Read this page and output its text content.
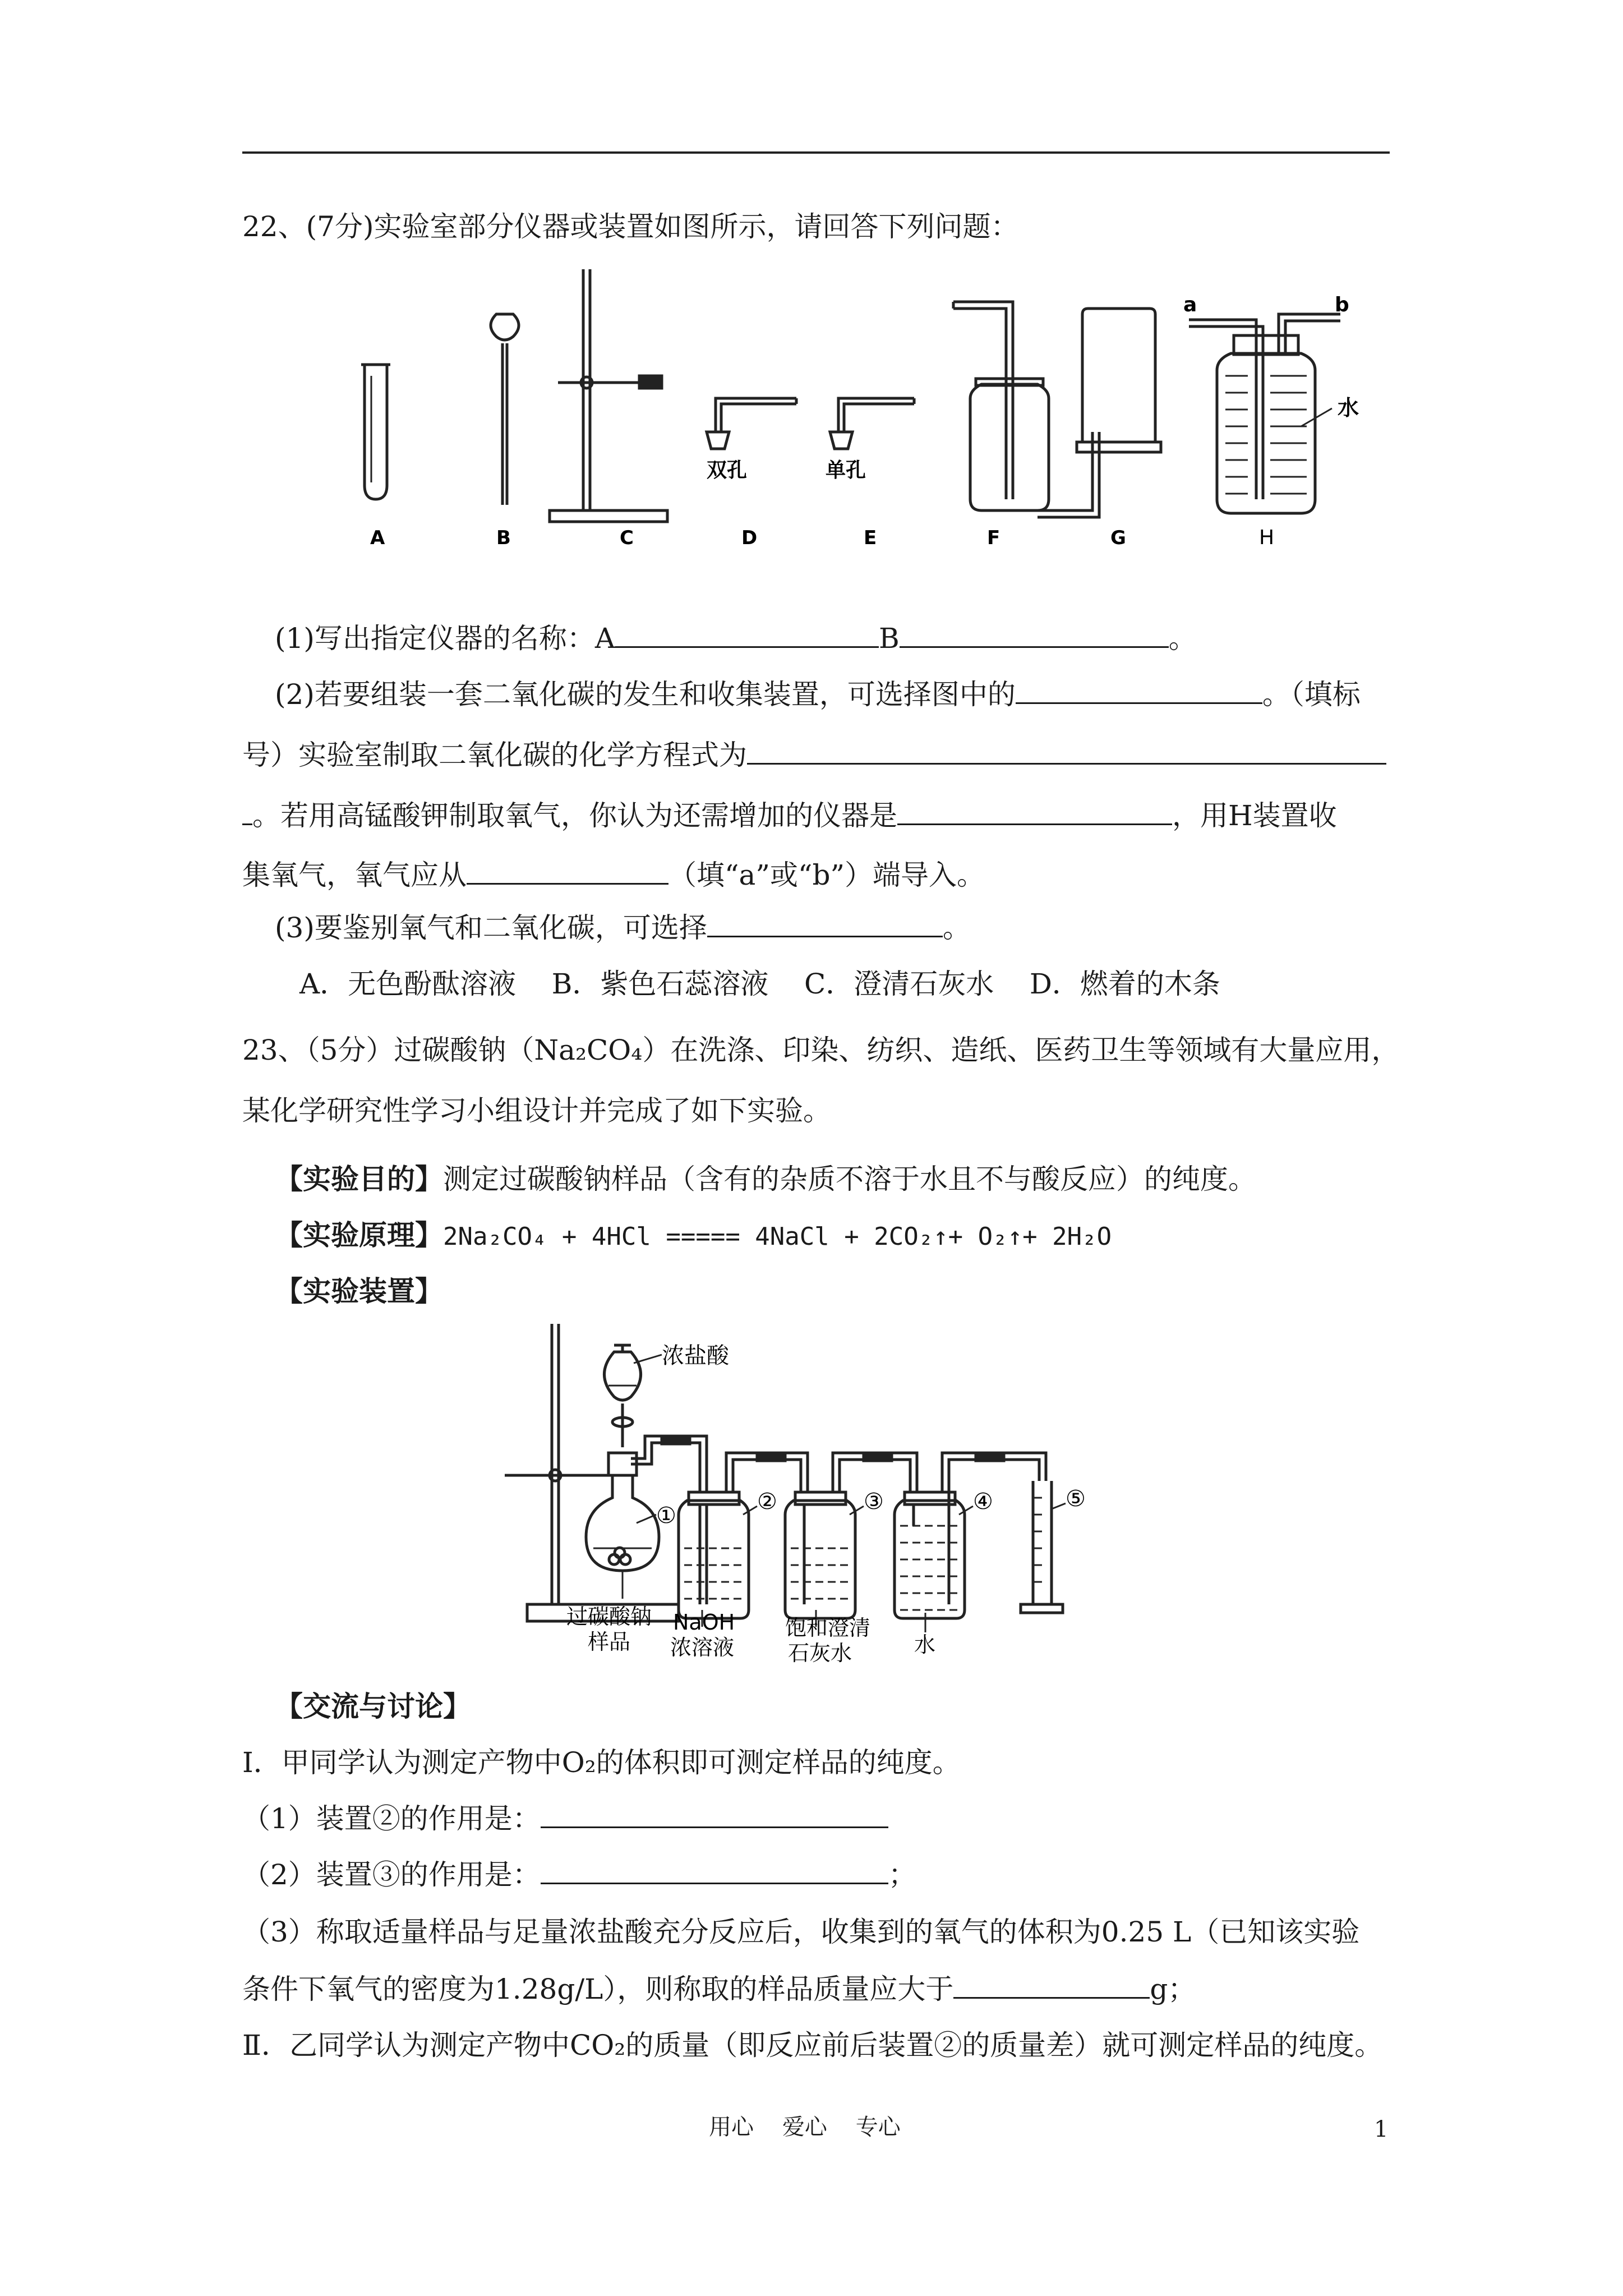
22、(7分)实验室部分仪器或装置如图所示，请回答下列问题：
A	B	C	D	E	F	G	H
双孔	单孔
a	b
水
(1)写出指定仪器的名称：A	B	。
(2)若要组装一套二氧化碳的发生和收集装置，可选择图中的	。（填标
号）实验室制取二氧化碳的化学方程式为
。若用高锰酸钾制取氧气，你认为还需增加的仪器是	，用H装置收
集氧气，氧气应从	（填“a”或“b”）端导入。
(3)要鉴别氧气和二氧化碳，可选择	。
A．无色酚酞溶液    B．紫色石蕊溶液    C．澄清石灰水    D．燃着的木条
23、（5分）过碳酸钠（Na₂CO₄）在洗涤、印染、纺织、造纸、医药卫生等领域有大量应用，
某化学研究性学习小组设计并完成了如下实验。
【实验目的】测定过碳酸钠样品（含有的杂质不溶于水且不与酸反应）的纯度。
【实验原理】2Na₂CO₄ + 4HCl ===== 4NaCl + 2CO₂↑+ O₂↑+ 2H₂O
【实验装置】
浓盐酸
①
②	③	④	⑤
过碳酸钠
样品
NaOH
浓溶液
饱和澄清
石灰水	水
【交流与讨论】
Ⅰ．甲同学认为测定产物中O₂的体积即可测定样品的纯度。
（1）装置②的作用是：
（2）装置③的作用是：	；
（3）称取适量样品与足量浓盐酸充分反应后，收集到的氧气的体积为0.25 L（已知该实验
条件下氧气的密度为1.28g/L），则称取的样品质量应大于	g；
Ⅱ．乙同学认为测定产物中CO₂的质量（即反应前后装置②的质量差）就可测定样品的纯度。
用心    爱心    专心	1
